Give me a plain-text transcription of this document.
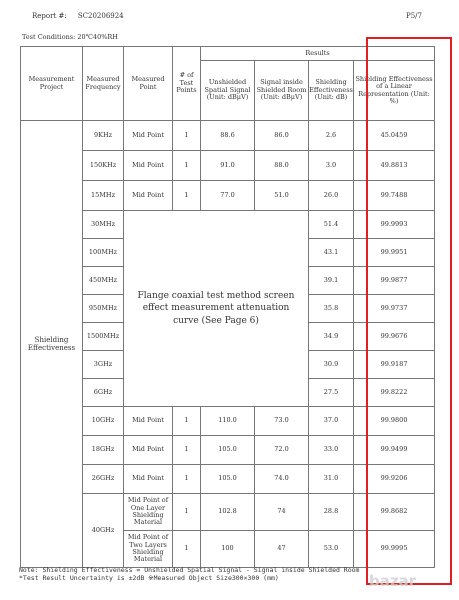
Report #: SC20206924	P5/7
Test Conditions: 20℃40%RH
Measurement Project	Measured Frequency	Measured Point	# of Test Points	Results			
				Unshielded Spatial Signal (Unit: dBμV)	Signal inside Shielded Room (Unit: dBμV)	Shielding Effectiveness (Unit: dB)	Shielding Effectiveness of a Linear Representation (Unit: %)
Shielding Effectiveness	9KHz	Mid Point	1	88.6	86.0	2.6	45.0459
	150KHz	Mid Point	1	91.0	88.0	3.0	49.8813
	15MHz	Mid Point	1	77.0	51.0	26.0	99.7488
	30MHz	Flange coaxial test method screen effect measurement attenuation curve (See Page 6)				51.4	99.9993
	100MHz					43.1	99.9951
	450MHz					39.1	99.9877
	950MHz					35.8	99.9737
	1500MHz					34.9	99.9676
	3GHz					30.9	99.9187
	6GHz					27.5	99.8222
	10GHz	Mid Point	1	110.0	73.0	37.0	99.9800
	18GHz	Mid Point	1	105.0	72.0	33.0	99.9499
	26GHz	Mid Point	1	105.0	74.0	31.0	99.9206
	40GHz	Mid Point of One Layer Shielding Material	1	102.8	74	28.8	99.8682
		Mid Point of Two Layers Shielding Material	1	100	47	53.0	99.9995
Note: Shielding Effectiveness = Unshielded Spatial Signal - Signal inside Shielded Room
*Test Result Uncertainty is ±2dB ※Measured Object Size300×300 (mm)	bazar
